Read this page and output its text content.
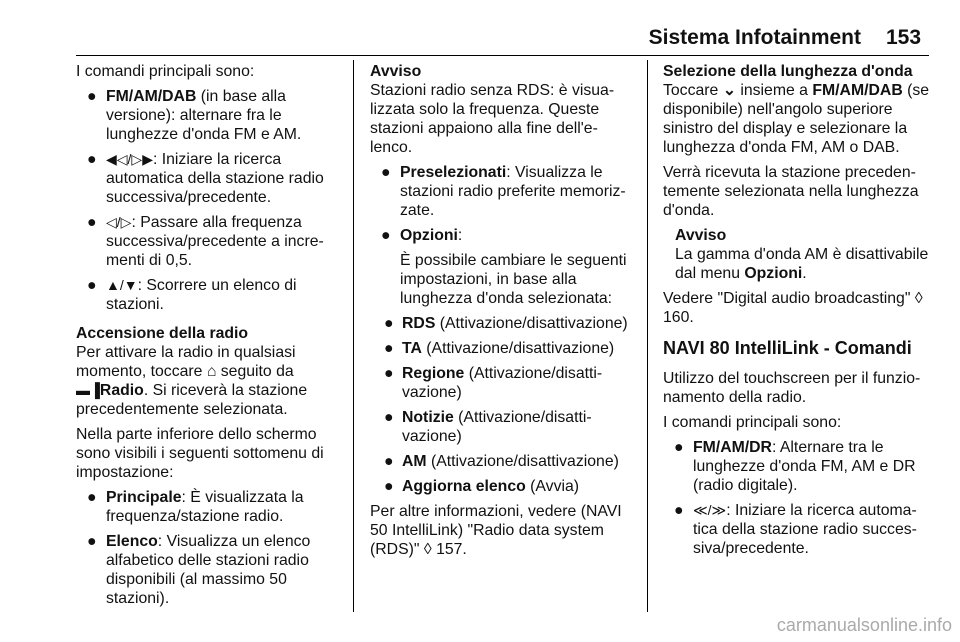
Sistema Infotainment 153

I comandi principali sono:

● FM/AM/DAB (in base alla versione): alternare fra le lunghezze d'onda FM e AM.
● ◀◁/▷▶: Iniziare la ricerca automatica della stazione radio successiva/precedente.
● ◁/▷: Passare alla frequenza successiva/precedente a incrementi di 0,5.
● ▲/▼: Scorrere un elenco di stazioni.

Accensione della radio

Per attivare la radio in qualsiasi momento, toccare ⌂ seguito da
▬▐Radio. Si riceverà la stazione precedentemente selezionata.

Nella parte inferiore dello schermo sono visibili i seguenti sottomenu di impostazione:

● Principale: È visualizzata la frequenza/stazione radio.
● Elenco: Visualizza un elenco alfabetico delle stazioni radio disponibili (al massimo 50 stazioni).

Avviso

Stazioni radio senza RDS: è visualizzata solo la frequenza. Queste stazioni appaiono alla fine dell'elenco.

● Preselezionati: Visualizza le stazioni radio preferite memorizzate.
● Opzioni:
È possibile cambiare le seguenti impostazioni, in base alla lunghezza d'onda selezionata:
● RDS (Attivazione/disattivazione)
● TA (Attivazione/disattivazione)
● Regione (Attivazione/disattivazione)
● Notizie (Attivazione/disattivazione)
● AM (Attivazione/disattivazione)
● Aggiorna elenco (Avvia)

Per altre informazioni, vedere (NAVI 50 IntelliLink) "Radio data system (RDS)" ◊ 157.

Selezione della lunghezza d'onda

Toccare ⌄ insieme a FM/AM/DAB (se disponibile) nell'angolo superiore sinistro del display e selezionare la lunghezza d'onda FM, AM o DAB.

Verrà ricevuta la stazione precedentemente selezionata nella lunghezza d'onda.

Avviso
La gamma d'onda AM è disattivabile dal menu Opzioni.

Vedere "Digital audio broadcasting" ◊ 160.

NAVI 80 IntelliLink - Comandi

Utilizzo del touchscreen per il funzionamento della radio.

I comandi principali sono:

● FM/AM/DR: Alternare tra le lunghezze d'onda FM, AM e DR (radio digitale).
● ≪/≫: Iniziare la ricerca automatica della stazione radio successiva/precedente.
carmanualsonline.info
